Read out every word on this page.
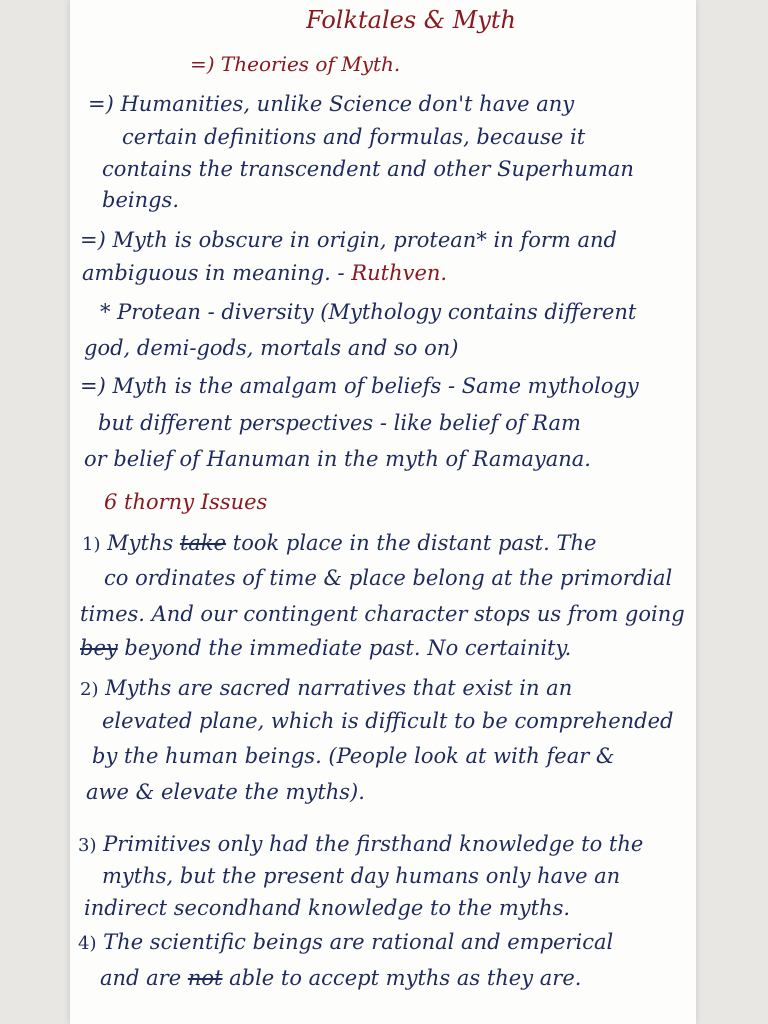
Folktales & Myth
=) Theories of Myth.
=) Humanities, unlike Science don't have any
certain definitions and formulas, because it
contains the transcendent and other Superhuman
beings.
=) Myth is obscure in origin, protean* in form and
ambiguous in meaning. - Ruthven.
* Protean - diversity (Mythology contains different
god, demi-gods, mortals and so on)
=) Myth is the amalgam of beliefs - Same mythology
but different perspectives - like belief of Ram
or belief of Hanuman in the myth of Ramayana.
6 thorny Issues
1) Myths take took place in the distant past. The
co ordinates of time & place belong at the primordial
times. And our contingent character stops us from going
bey beyond the immediate past. No certainity.
2) Myths are sacred narratives that exist in an
elevated plane, which is difficult to be comprehended
by the human beings. (People look at with fear &
awe & elevate the myths).
3) Primitives only had the firsthand knowledge to the
myths, but the present day humans only have an
indirect secondhand knowledge to the myths.
4) The scientific beings are rational and emperical
and are not able to accept myths as they are.
